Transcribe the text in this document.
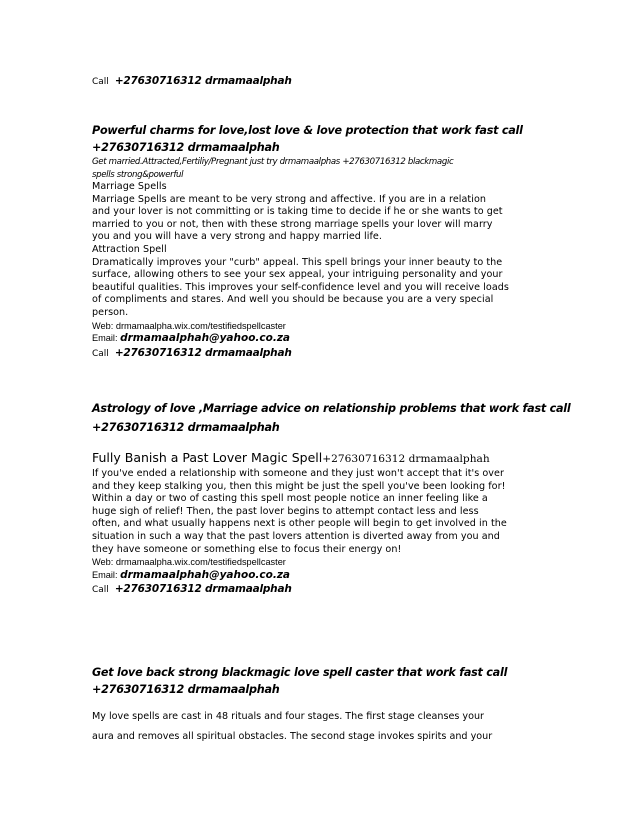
Call +27630716312 drmamaalphah
Powerful charms for love,lost love & love protection that work fast call
+27630716312 drmamaalphah
Get married.Attracted,Fertiliy/Pregnant just try drmamaalphas +27630716312 blackmagic
spells strong&powerful
Marriage Spells
Marriage Spells are meant to be very strong and affective. If you are in a relation
and your lover is not committing or is taking time to decide if he or she wants to get
married to you or not, then with these strong marriage spells your lover will marry
you and you will have a very strong and happy married life.
Attraction Spell
Dramatically improves your "curb" appeal. This spell brings your inner beauty to the
surface, allowing others to see your sex appeal, your intriguing personality and your
beautiful qualities. This improves your self-confidence level and you will receive loads
of compliments and stares. And well you should be because you are a very special
person.
Web: drmamaalpha.wix.com/testifiedspellcaster
Email: drmamaalphah@yahoo.co.za
Call +27630716312 drmamaalphah
Astrology of love ,Marriage advice on relationship problems that work fast call
+27630716312 drmamaalphah
Fully Banish a Past Lover Magic Spell+27630716312 drmamaalphah
If you've ended a relationship with someone and they just won't accept that it's over
and they keep stalking you, then this might be just the spell you've been looking for!
Within a day or two of casting this spell most people notice an inner feeling like a
huge sigh of relief! Then, the past lover begins to attempt contact less and less
often, and what usually happens next is other people will begin to get involved in the
situation in such a way that the past lovers attention is diverted away from you and
they have someone or something else to focus their energy on!
Web: drmamaalpha.wix.com/testifiedspellcaster
Email: drmamaalphah@yahoo.co.za
Call +27630716312 drmamaalphah
Get love back strong blackmagic love spell caster that work fast call
+27630716312 drmamaalphah
My love spells are cast in 48 rituals and four stages. The first stage cleanses your
aura and removes all spiritual obstacles. The second stage invokes spirits and your
